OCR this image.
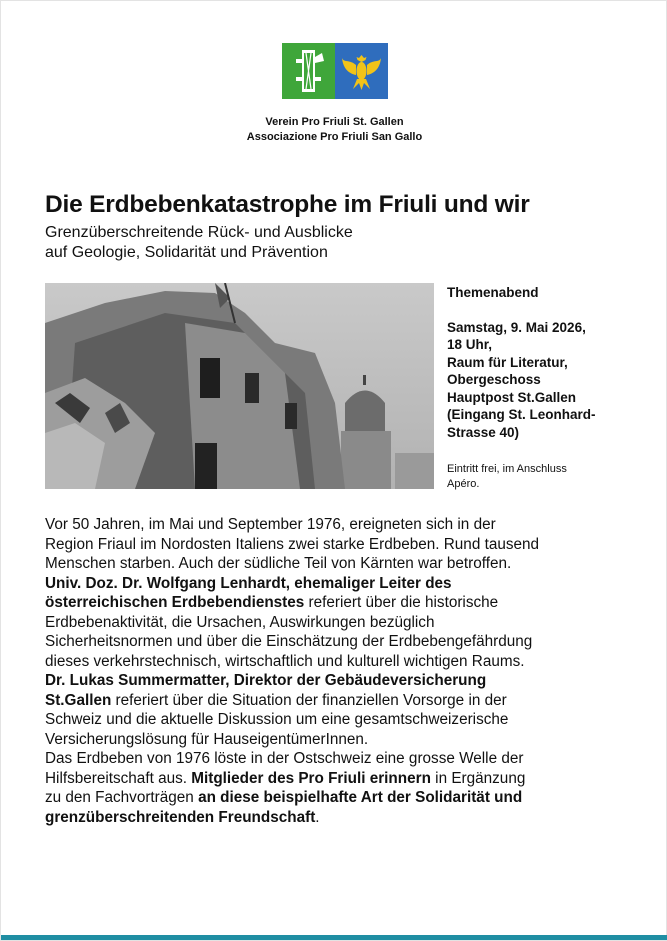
Verein Pro Friuli St. Gallen
Associazione Pro Friuli San Gallo
Die Erdbebenkatastrophe im Friuli und wir
Grenzüberschreitende Rück- und Ausblicke
auf Geologie, Solidarität und Prävention
Themenabend
Samstag, 9. Mai 2026,
18 Uhr,
Raum für Literatur,
Obergeschoss
Hauptpost St.Gallen
(Eingang St. Leonhard-
Strasse 40)
Eintritt frei, im Anschluss
Apéro.
Vor 50 Jahren, im Mai und September 1976, ereigneten sich in der
Region Friaul im Nordosten Italiens zwei starke Erdbeben. Rund tausend
Menschen starben. Auch der südliche Teil von Kärnten war betroffen.
Univ. Doz. Dr. Wolfgang Lenhardt, ehemaliger Leiter des
österreichischen Erdbebendienstes referiert über die historische
Erdbebenaktivität, die Ursachen, Auswirkungen bezüglich
Sicherheitsnormen und über die Einschätzung der Erdbebengefährdung
dieses verkehrstechnisch, wirtschaftlich und kulturell wichtigen Raums.
Dr. Lukas Summermatter, Direktor der Gebäudeversicherung
St.Gallen referiert über die Situation der finanziellen Vorsorge in der
Schweiz und die aktuelle Diskussion um eine gesamtschweizerische
Versicherungslösung für HauseigentümerInnen.
Das Erdbeben von 1976 löste in der Ostschweiz eine grosse Welle der
Hilfsbereitschaft aus. Mitglieder des Pro Friuli erinnern in Ergänzung
zu den Fachvorträgen an diese beispielhafte Art der Solidarität und
grenzüberschreitenden Freundschaft.
